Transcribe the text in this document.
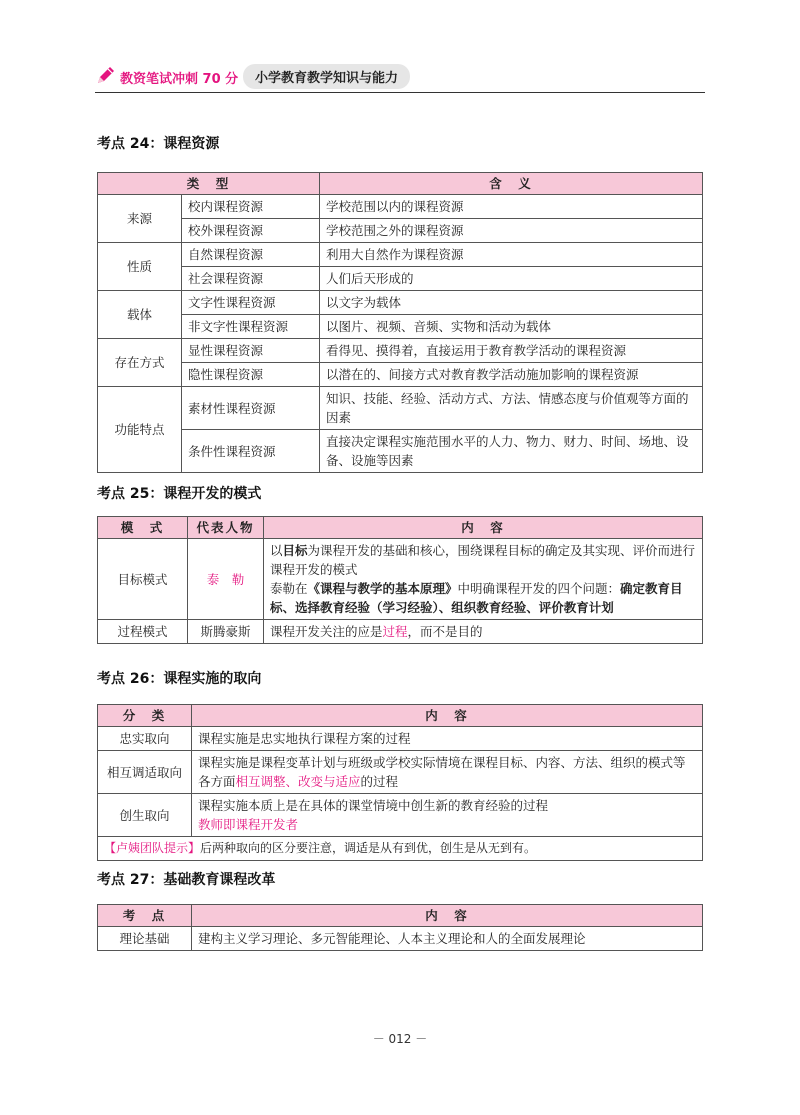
教资笔试冲刺 70 分	小学教育教学知识与能力
考点 24：课程资源
类　型		含　义
来源	校内课程资源	学校范围以内的课程资源
	校外课程资源	学校范围之外的课程资源
性质	自然课程资源	利用大自然作为课程资源
	社会课程资源	人们后天形成的
载体	文字性课程资源	以文字为载体
	非文字性课程资源	以图片、视频、音频、实物和活动为载体
存在方式	显性课程资源	看得见、摸得着，直接运用于教育教学活动的课程资源
	隐性课程资源	以潜在的、间接方式对教育教学活动施加影响的课程资源
功能特点	素材性课程资源	知识、技能、经验、活动方式、方法、情感态度与价值观等方面的因素
	条件性课程资源	直接决定课程实施范围水平的人力、物力、财力、时间、场地、设备、设施等因素
考点 25：课程开发的模式
模　式	代表人物	内　容
目标模式	泰　勒	以目标为课程开发的基础和核心，围绕课程目标的确定及其实现、评价而进行课程开发的模式
泰勒在《课程与教学的基本原理》中明确课程开发的四个问题：确定教育目标、选择教育经验（学习经验）、组织教育经验、评价教育计划
过程模式	斯腾豪斯	课程开发关注的应是过程，而不是目的
考点 26：课程实施的取向
分　类	内　容
忠实取向	课程实施是忠实地执行课程方案的过程
相互调适取向	课程实施是课程变革计划与班级或学校实际情境在课程目标、内容、方法、组织的模式等各方面相互调整、改变与适应的过程
创生取向	课程实施本质上是在具体的课堂情境中创生新的教育经验的过程
教师即课程开发者
【卢姨团队提示】后两种取向的区分要注意，调适是从有到优，创生是从无到有。	
考点 27：基础教育课程改革
考　点	内　容
理论基础	建构主义学习理论、多元智能理论、人本主义理论和人的全面发展理论
－ 012 －
